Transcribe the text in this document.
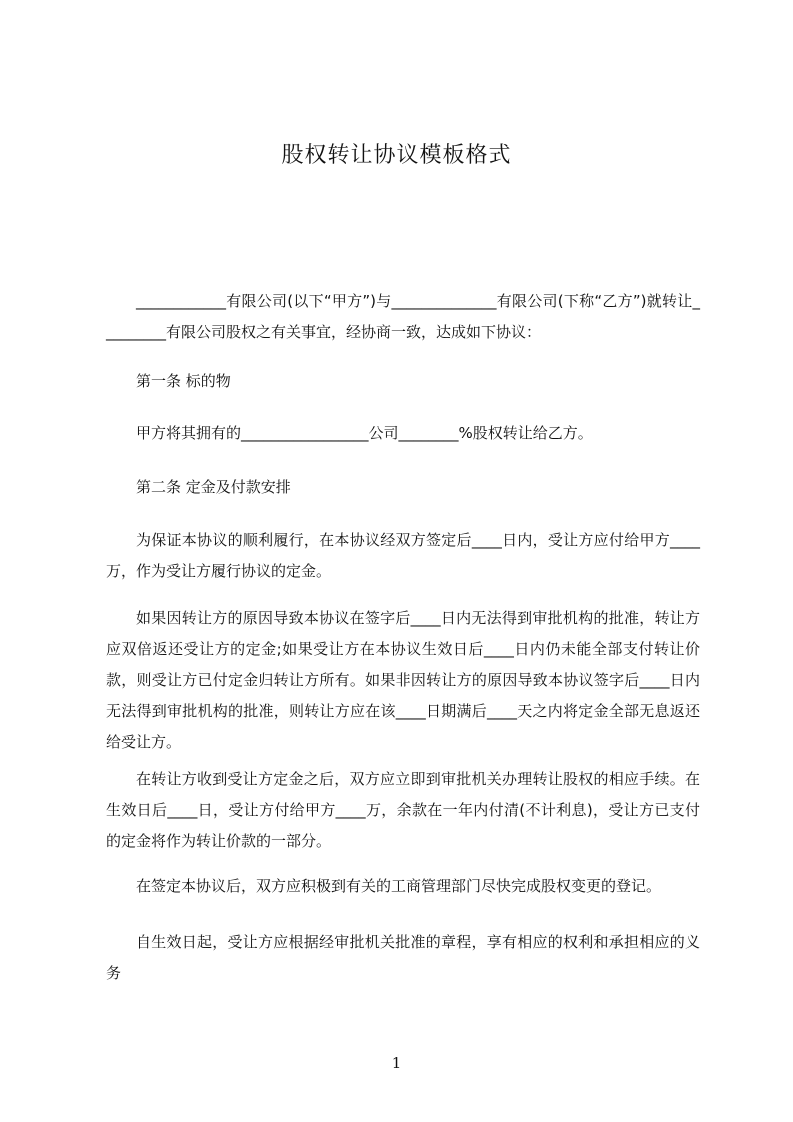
股权转让协议模板格式

____________有限公司(以下“甲方”)与______________有限公司(下称“乙方”)就转让_________有限公司股权之有关事宜，经协商一致，达成如下协议：

第一条 标的物

甲方将其拥有的_________________公司________%股权转让给乙方。

第二条 定金及付款安排

为保证本协议的顺利履行，在本协议经双方签定后____日内，受让方应付给甲方____万，作为受让方履行协议的定金。

如果因转让方的原因导致本协议在签字后____日内无法得到审批机构的批准，转让方应双倍返还受让方的定金;如果受让方在本协议生效日后____日内仍未能全部支付转让价款，则受让方已付定金归转让方所有。如果非因转让方的原因导致本协议签字后____日内无法得到审批机构的批准，则转让方应在该____日期满后____天之内将定金全部无息返还给受让方。

在转让方收到受让方定金之后，双方应立即到审批机关办理转让股权的相应手续。在生效日后____日，受让方付给甲方____万，余款在一年内付清(不计利息)，受让方已支付的定金将作为转让价款的一部分。

在签定本协议后，双方应积极到有关的工商管理部门尽快完成股权变更的登记。

自生效日起，受让方应根据经审批机关批准的章程，享有相应的权利和承担相应的义务

1
